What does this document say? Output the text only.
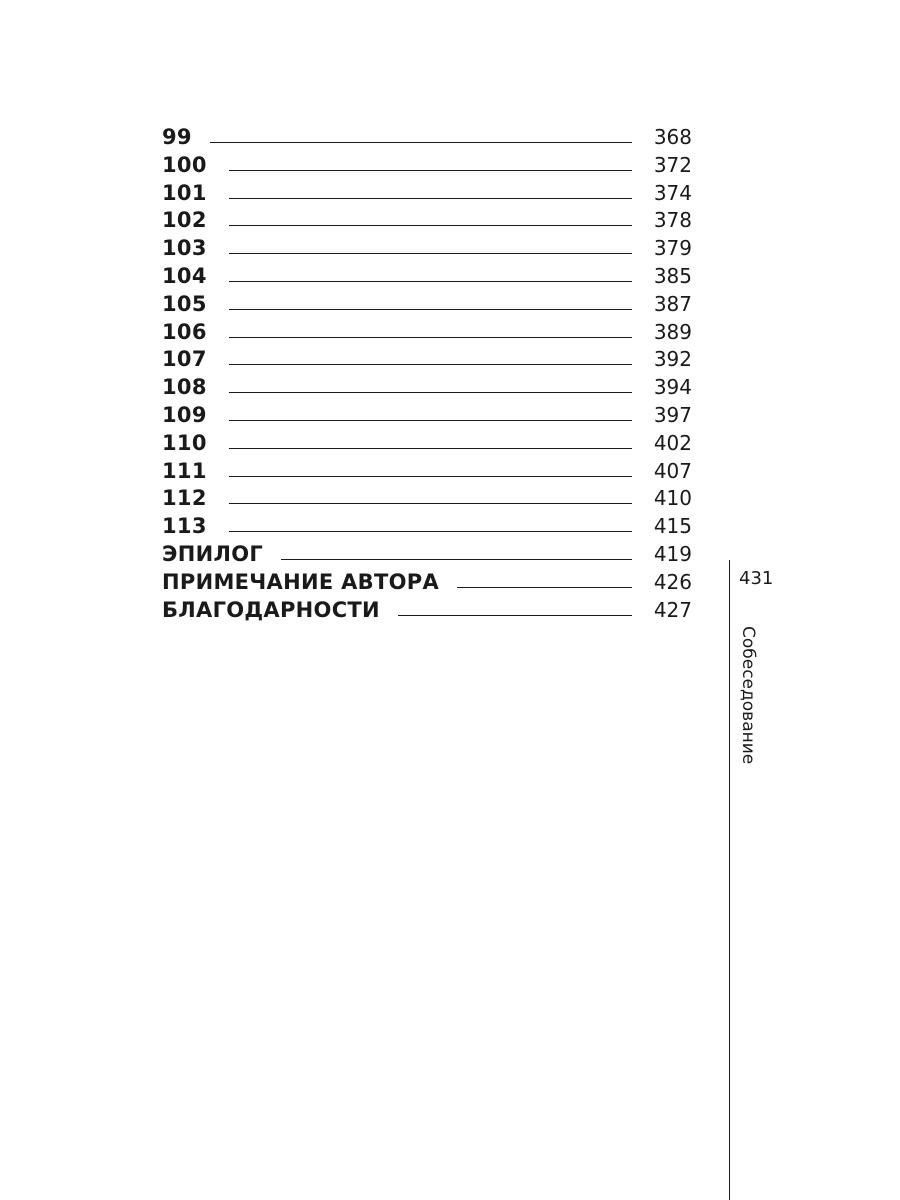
99	368
100	372
101	374
102	378
103	379
104	385
105	387
106	389
107	392
108	394
109	397
110	402
111	407
112	410
113	415
ЭПИЛОГ	419
ПРИМЕЧАНИЕ АВТОРА	426
БЛАГОДАРНОСТИ	427
431
Собеседование
